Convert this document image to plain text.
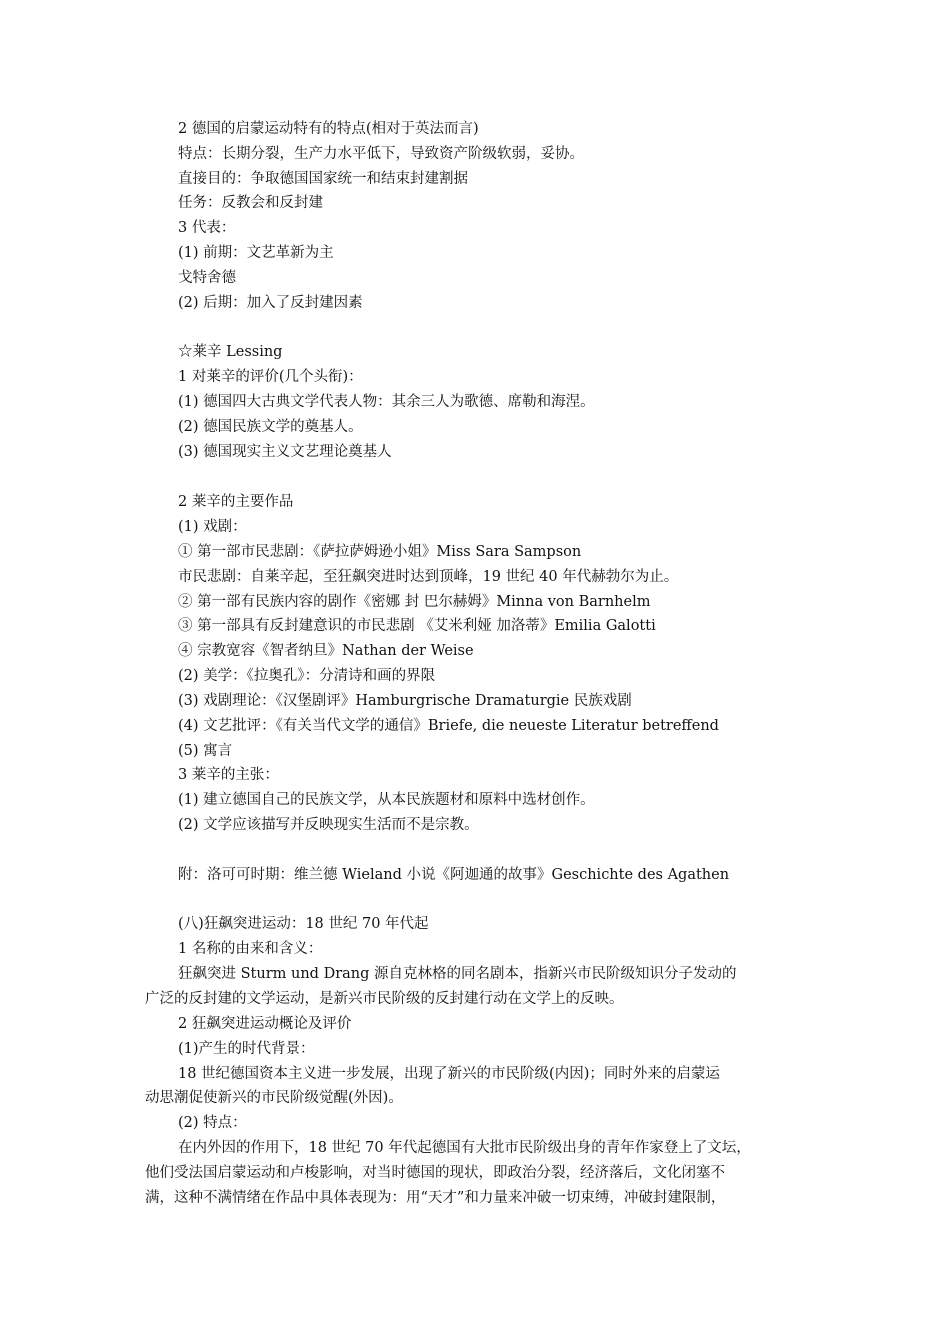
2 德国的启蒙运动特有的特点(相对于英法而言)
特点：长期分裂，生产力水平低下，导致资产阶级软弱，妥协。
直接目的：争取德国国家统一和结束封建割据
任务：反教会和反封建
3 代表：
(1) 前期：文艺革新为主
戈特舍德
(2) 后期：加入了反封建因素
☆莱辛 Lessing
1 对莱辛的评价(几个头衔)：
(1) 德国四大古典文学代表人物：其余三人为歌德、席勒和海涅。
(2) 德国民族文学的奠基人。
(3) 德国现实主义文艺理论奠基人
2 莱辛的主要作品
(1) 戏剧：
① 第一部市民悲剧：《萨拉萨姆逊小姐》Miss Sara Sampson
市民悲剧：自莱辛起，至狂飙突进时达到顶峰，19 世纪 40 年代赫勃尔为止。
② 第一部有民族内容的剧作《密娜 封 巴尔赫姆》Minna von Barnhelm
③ 第一部具有反封建意识的市民悲剧 《艾米利娅 加洛蒂》Emilia Galotti
④ 宗教宽容《智者纳旦》Nathan der Weise
(2) 美学：《拉奥孔》：分清诗和画的界限
(3) 戏剧理论：《汉堡剧评》Hamburgrische Dramaturgie 民族戏剧
(4) 文艺批评：《有关当代文学的通信》Briefe, die neueste Literatur betreffend
(5) 寓言
3 莱辛的主张：
(1) 建立德国自己的民族文学，从本民族题材和原料中选材创作。
(2) 文学应该描写并反映现实生活而不是宗教。
附：洛可可时期：维兰德 Wieland 小说《阿迦通的故事》Geschichte des Agathen
(八)狂飙突进运动：18 世纪 70 年代起
1 名称的由来和含义：
狂飙突进 Sturm und Drang 源自克林格的同名剧本，指新兴市民阶级知识分子发动的
广泛的反封建的文学运动，是新兴市民阶级的反封建行动在文学上的反映。
2 狂飙突进运动概论及评价
(1)产生的时代背景：
18 世纪德国资本主义进一步发展，出现了新兴的市民阶级(内因)；同时外来的启蒙运
动思潮促使新兴的市民阶级觉醒(外因)。
(2) 特点：
在内外因的作用下，18 世纪 70 年代起德国有大批市民阶级出身的青年作家登上了文坛，
他们受法国启蒙运动和卢梭影响，对当时德国的现状，即政治分裂，经济落后，文化闭塞不
满，这种不满情绪在作品中具体表现为：用“天才”和力量来冲破一切束缚，冲破封建限制，
